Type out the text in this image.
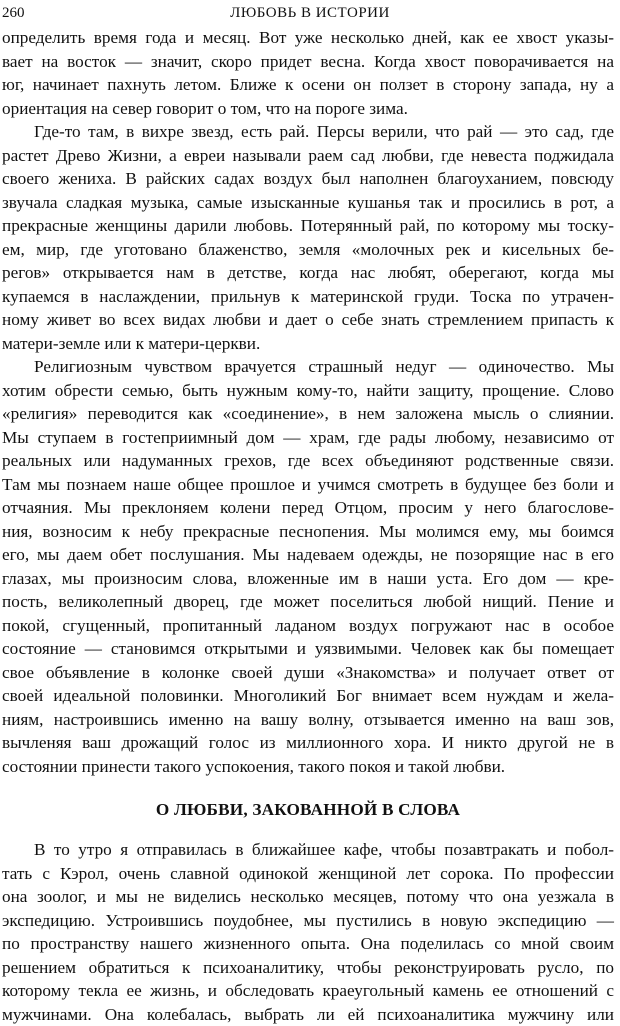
260	ЛЮБОВЬ В ИСТОРИИ
определить время года и месяц. Вот уже несколько дней, как ее хвост указы-
вает на восток — значит, скоро придет весна. Когда хвост поворачивается на
юг, начинает пахнуть летом. Ближе к осени он ползет в сторону запада, ну а
ориентация на север говорит о том, что на пороге зима.
Где-то там, в вихре звезд, есть рай. Персы верили, что рай — это сад, где
растет Древо Жизни, а евреи называли раем сад любви, где невеста поджидала
своего жениха. В райских садах воздух был наполнен благоуханием, повсюду
звучала сладкая музыка, самые изысканные кушанья так и просились в рот, а
прекрасные женщины дарили любовь. Потерянный рай, по которому мы тоску-
ем, мир, где уготовано блаженство, земля «молочных рек и кисельных бе-
регов» открывается нам в детстве, когда нас любят, оберегают, когда мы
купаемся в наслаждении, прильнув к материнской груди. Тоска по утрачен-
ному живет во всех видах любви и дает о себе знать стремлением припасть к
матери-земле или к матери-церкви.
Религиозным чувством врачуется страшный недуг — одиночество. Мы
хотим обрести семью, быть нужным кому-то, найти защиту, прощение. Слово
«религия» переводится как «соединение», в нем заложена мысль о слиянии.
Мы ступаем в гостеприимный дом — храм, где рады любому, независимо от
реальных или надуманных грехов, где всех объединяют родственные связи.
Там мы познаем наше общее прошлое и учимся смотреть в будущее без боли и
отчаяния. Мы преклоняем колени перед Отцом, просим у него благослове-
ния, возносим к небу прекрасные песнопения. Мы молимся ему, мы боимся
его, мы даем обет послушания. Мы надеваем одежды, не позорящие нас в его
глазах, мы произносим слова, вложенные им в наши уста. Его дом — кре-
пость, великолепный дворец, где может поселиться любой нищий. Пение и
покой, сгущенный, пропитанный ладаном воздух погружают нас в особое
состояние — становимся открытыми и уязвимыми. Человек как бы помещает
свое объявление в колонке своей души «Знакомства» и получает ответ от
своей идеальной половинки. Многоликий Бог внимает всем нуждам и жела-
ниям, настроившись именно на вашу волну, отзывается именно на ваш зов,
вычленяя ваш дрожащий голос из миллионного хора. И никто другой не в
состоянии принести такого успокоения, такого покоя и такой любви.
О ЛЮБВИ, ЗАКОВАННОЙ В СЛОВА
В то утро я отправилась в ближайшее кафе, чтобы позавтракать и побол-
тать с Кэрол, очень славной одинокой женщиной лет сорока. По профессии
она зоолог, и мы не виделись несколько месяцев, потому что она уезжала в
экспедицию. Устроившись поудобнее, мы пустились в новую экспедицию —
по пространству нашего жизненного опыта. Она поделилась со мной своим
решением обратиться к психоаналитику, чтобы реконструировать русло, по
которому текла ее жизнь, и обследовать краеугольный камень ее отношений с
мужчинами. Она колебалась, выбрать ли ей психоаналитика мужчину или
